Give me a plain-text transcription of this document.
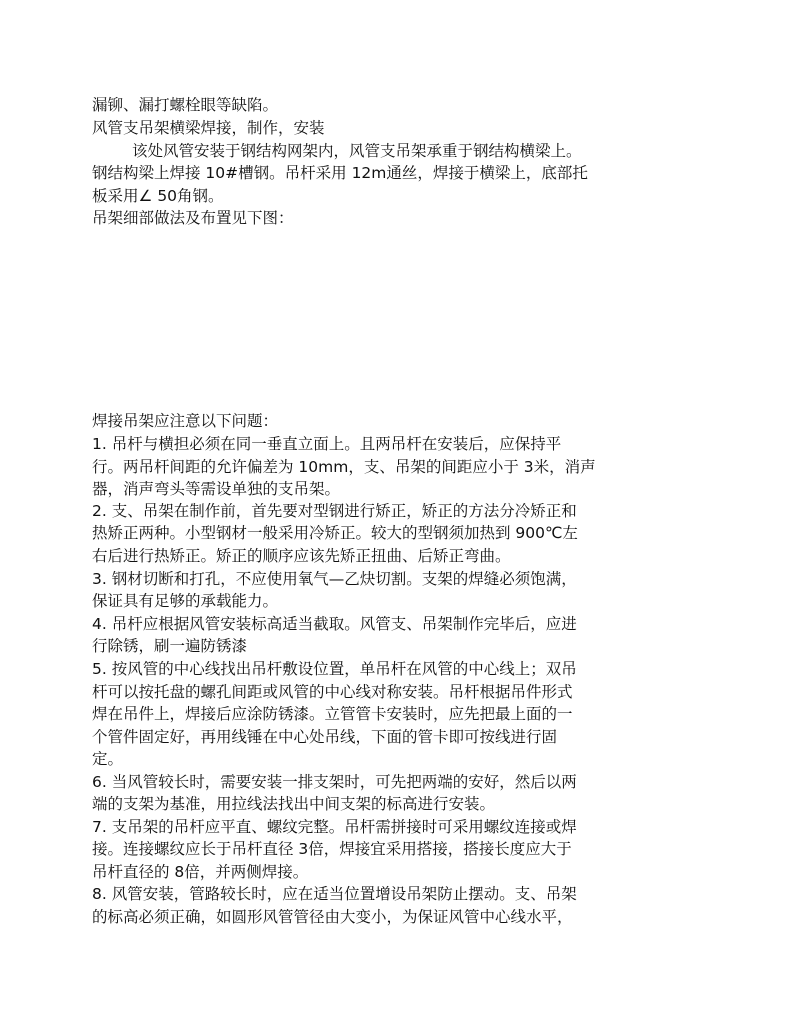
漏铆、漏打螺栓眼等缺陷。
风管支吊架横梁焊接，制作，安装
该处风管安装于钢结构网架内，风管支吊架承重于钢结构横梁上。
钢结构梁上焊接 10#槽钢。吊杆采用 12m通丝，焊接于横梁上，底部托
板采用∠ 50角钢。
吊架细部做法及布置见下图：
焊接吊架应注意以下问题：
1. 吊杆与横担必须在同一垂直立面上。且两吊杆在安装后，应保持平
行。两吊杆间距的允许偏差为 10mm，支、吊架的间距应小于 3米，消声
器，消声弯头等需设单独的支吊架。
2. 支、吊架在制作前，首先要对型钢进行矫正，矫正的方法分冷矫正和
热矫正两种。小型钢材一般采用冷矫正。较大的型钢须加热到 900℃左
右后进行热矫正。矫正的顺序应该先矫正扭曲、后矫正弯曲。
3. 钢材切断和打孔，不应使用氧气—乙炔切割。支架的焊缝必须饱满，
保证具有足够的承载能力。
4. 吊杆应根据风管安装标高适当截取。风管支、吊架制作完毕后，应进
行除锈，刷一遍防锈漆
5. 按风管的中心线找出吊杆敷设位置，单吊杆在风管的中心线上；双吊
杆可以按托盘的螺孔间距或风管的中心线对称安装。吊杆根据吊件形式
焊在吊件上，焊接后应涂防锈漆。立管管卡安装时，应先把最上面的一
个管件固定好，再用线锤在中心处吊线，下面的管卡即可按线进行固
定。
6. 当风管较长时，需要安装一排支架时，可先把两端的安好，然后以两
端的支架为基准，用拉线法找出中间支架的标高进行安装。
7. 支吊架的吊杆应平直、螺纹完整。吊杆需拼接时可采用螺纹连接或焊
接。连接螺纹应长于吊杆直径 3倍，焊接宜采用搭接，搭接长度应大于
吊杆直径的 8倍，并两侧焊接。
8. 风管安装，管路较长时，应在适当位置增设吊架防止摆动。支、吊架
的标高必须正确，如圆形风管管径由大变小，为保证风管中心线水平，
